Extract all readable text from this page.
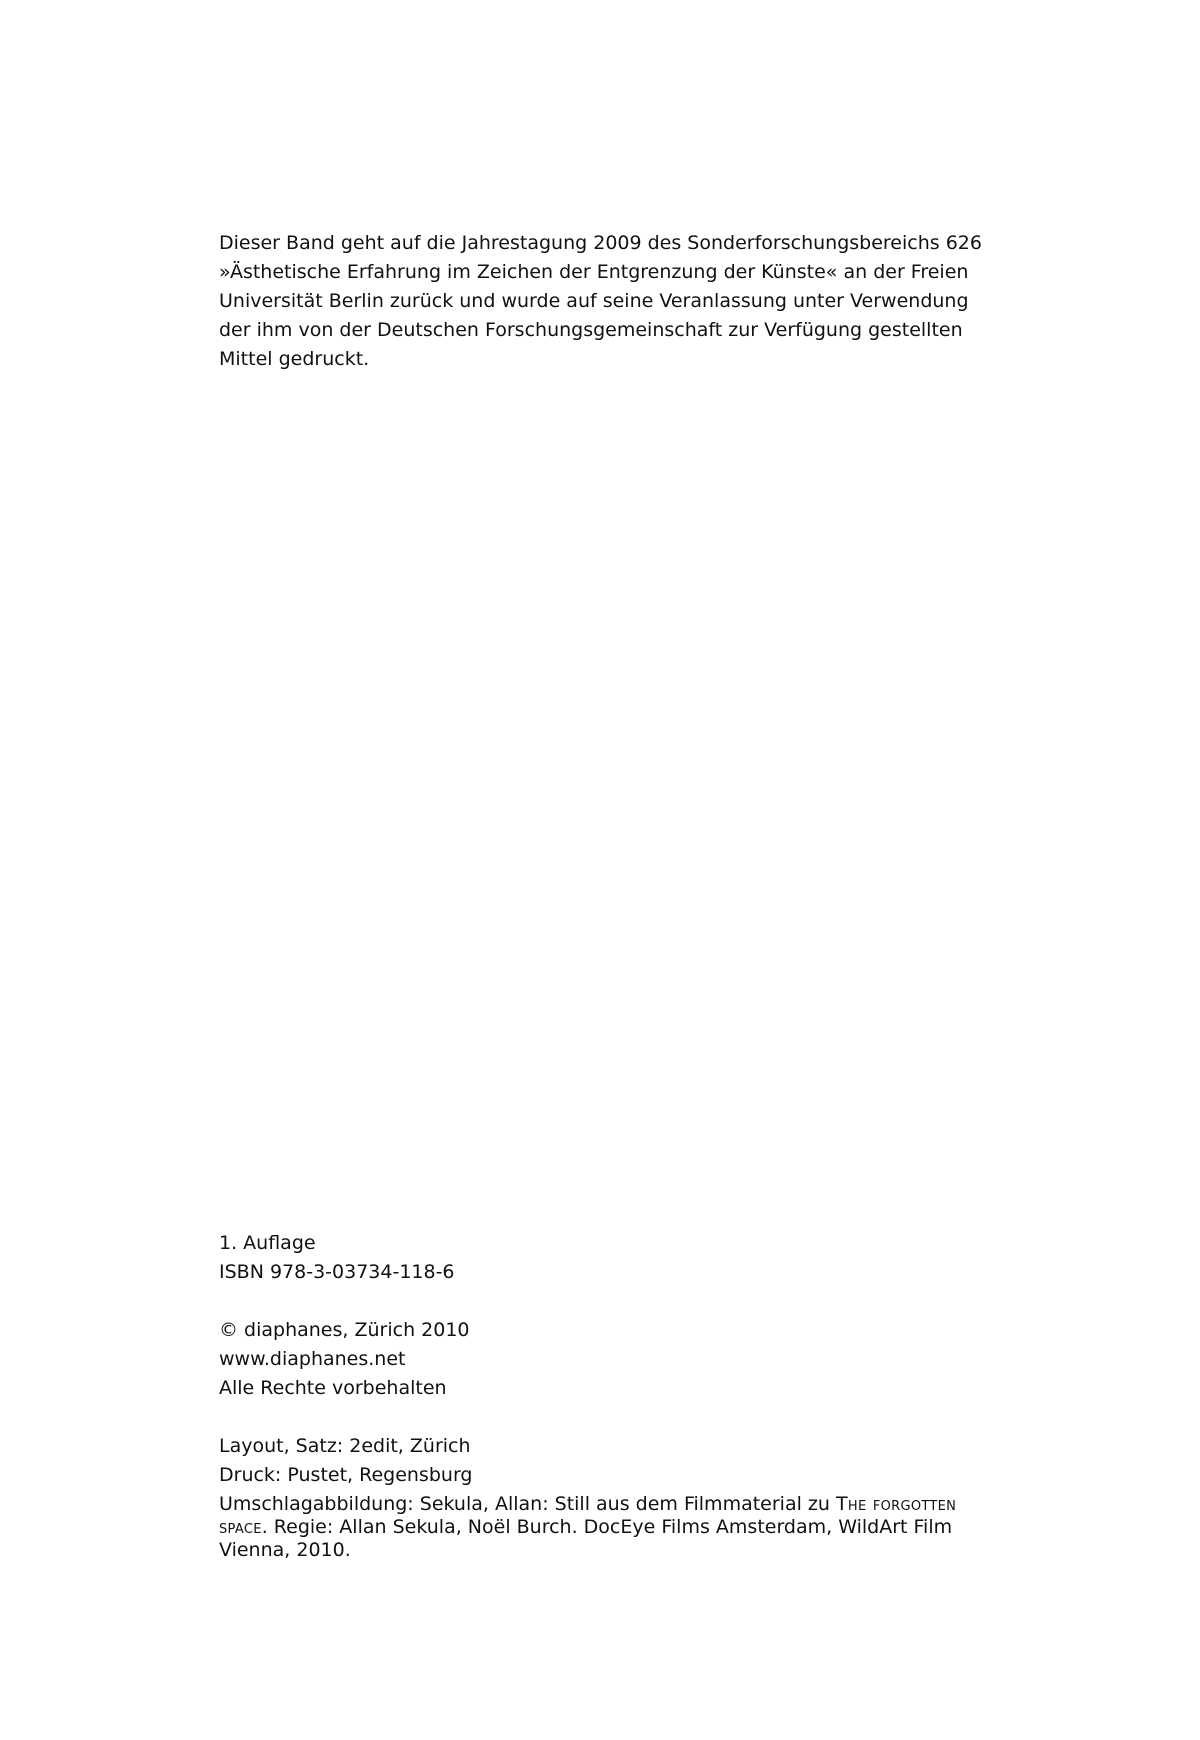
Dieser Band geht auf die Jahrestagung 2009 des Sonderforschungsbereichs 626
»Ästhetische Erfahrung im Zeichen der Entgrenzung der Künste« an der Freien
Universität Berlin zurück und wurde auf seine Veranlassung unter Verwendung
der ihm von der Deutschen Forschungsgemeinschaft zur Verfügung gestellten
Mittel gedruckt.
1. Auflage
ISBN 978-3-03734-118-6
© diaphanes, Zürich 2010
www.diaphanes.net
Alle Rechte vorbehalten
Layout, Satz: 2edit, Zürich
Druck: Pustet, Regensburg
Umschlagabbildung: Sekula, Allan: Still aus dem Filmmaterial zu The forgotten space. Regie: Allan Sekula, Noël Burch. DocEye Films Amsterdam, WildArt Film Vienna, 2010.
